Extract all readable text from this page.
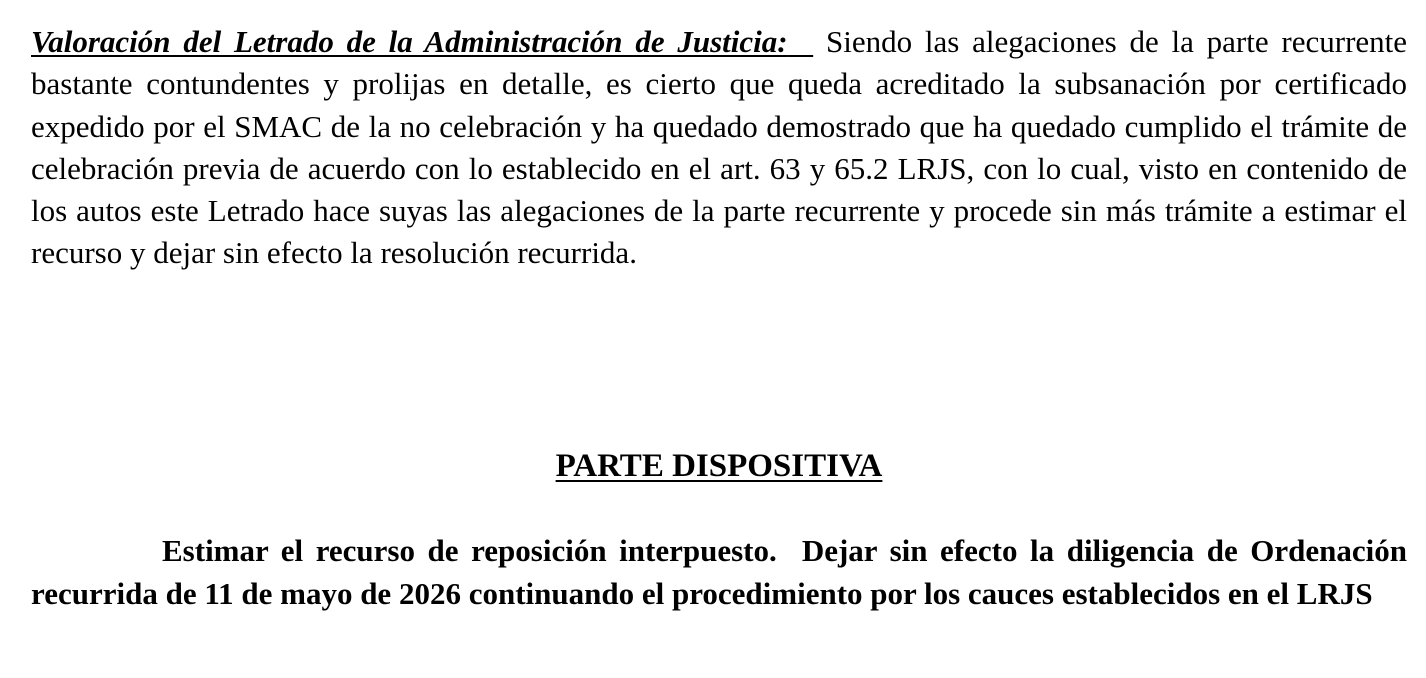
Valoración del Letrado de la Administración de Justicia: Siendo las alegaciones de la parte recurrente bastante contundentes y prolijas en detalle, es cierto que queda acreditado la subsanación por certificado expedido por el SMAC de la no celebración y ha quedado demostrado que ha quedado cumplido el trámite de celebración previa de acuerdo con lo establecido en el art. 63 y 65.2 LRJS, con lo cual, visto en contenido de los autos este Letrado hace suyas las alegaciones de la parte recurrente y procede sin más trámite a estimar el recurso y dejar sin efecto la resolución recurrida.

PARTE DISPOSITIVA

Estimar el recurso de reposición interpuesto.  Dejar sin efecto la diligencia de Ordenación recurrida de 11 de mayo de 2026 continuando el procedimiento por los cauces establecidos en el LRJS
